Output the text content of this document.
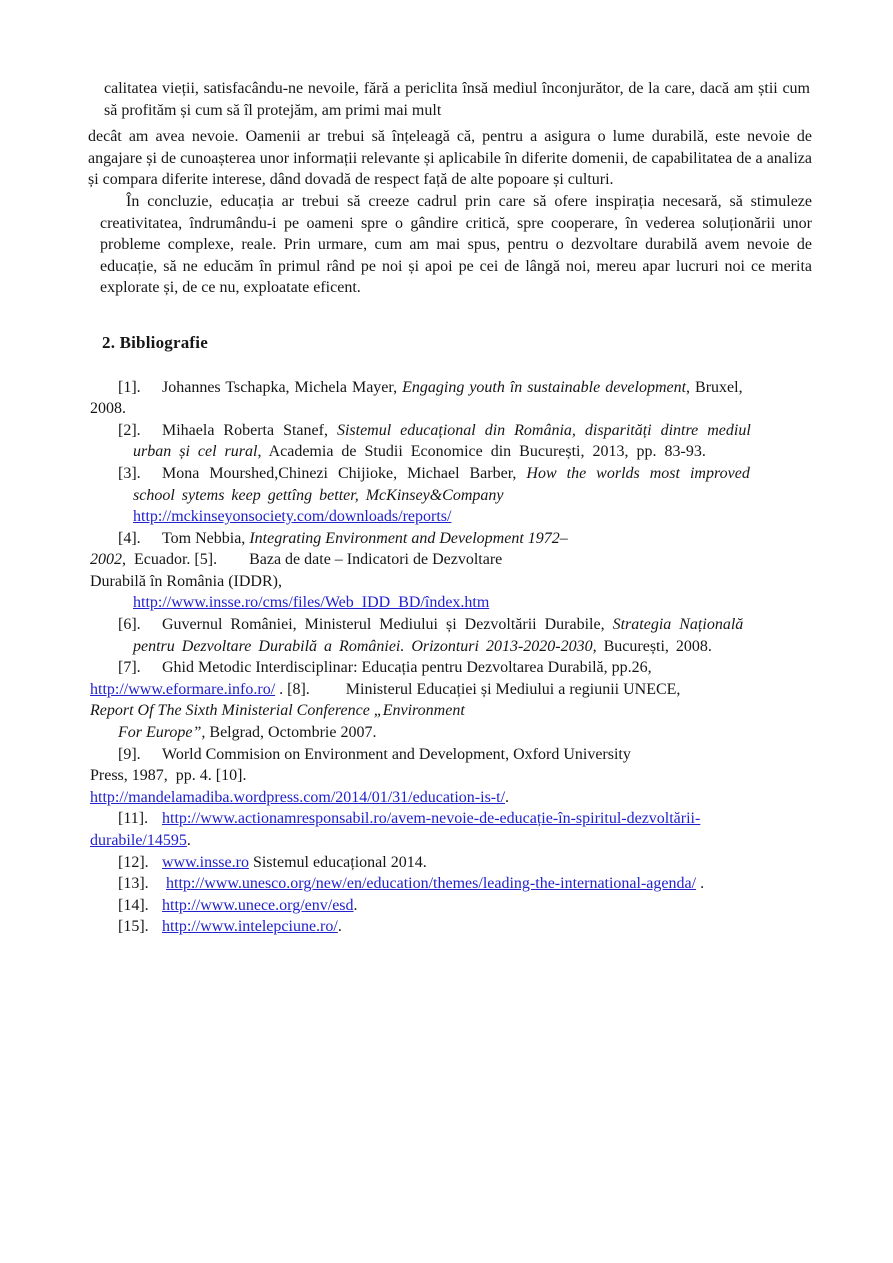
calitatea vieții, satisfacându-ne nevoile, fără a periclita însă mediul înconjurător, de la care, dacă am știi cum să profităm și cum să îl protejăm, am primi mai mult

decât am avea nevoie. Oamenii ar trebui să înțeleagă că, pentru a asigura o lume durabilă, este nevoie de angajare și de cunoașterea unor informații relevante și aplicabile în diferite domenii, de capabilitatea de a analiza și compara diferite interese, dând dovadă de respect față de alte popoare și culturi.

În concluzie, educația ar trebui să creeze cadrul prin care să ofere inspirația necesară, să stimuleze creativitatea, îndrumându-i pe oameni spre o gândire critică, spre cooperare, în vederea soluționării unor probleme complexe, reale. Prin urmare, cum am mai spus, pentru o dezvoltare durabilă avem nevoie de educație, să ne educăm în primul rând pe noi și apoi pe cei de lângă noi, mereu apar lucruri noi ce merita explorate și, de ce nu, exploatate eficent.

2. Bibliografie
[1]. Johannes Tschapka, Michela Mayer, Engaging youth în sustainable development, Bruxel,
2008.
[2]. Mihaela Roberta Stanef, Sistemul educațional din România, disparități dintre mediul
urban și cel rural, Academia de Studii Economice din București, 2013, pp. 83-93.
[3]. Mona Mourshed,Chinezi Chijioke, Michael Barber, How the worlds most improved
school sytems keep gettîng better, McKinsey&Company
http://mckinseyonsociety.com/downloads/reports/
[4]. Tom Nebbia, Integrating Environment and Development 1972–
2002,  Ecuador. [5].        Baza de date – Indicatori de Dezvoltare
Durabilă în România (IDDR),
http://www.insse.ro/cms/files/Web_IDD_BD/îndex.htm
[6]. Guvernul României, Ministerul Mediului și Dezvoltării Durabile, Strategia Națională
pentru Dezvoltare Durabilă a României. Orizonturi 2013-2020-2030, București, 2008.
[7]. Ghid Metodic Interdisciplinar: Educația pentru Dezvoltarea Durabilă, pp.26,
http://www.eformare.info.ro/ . [8].         Ministerul Educației și Mediului a regiunii UNECE,
Report Of The Sixth Ministerial Conference „Environment
For Europe”, Belgrad, Octombrie 2007.
[9]. World Commision on Environment and Development, Oxford University
Press, 1987,  pp. 4. [10].
http://mandelamadiba.wordpress.com/2014/01/31/education-is-t/.
[11]. http://www.actionamresponsabil.ro/avem-nevoie-de-educație-în-spiritul-dezvoltării-
durabile/14595.
[12]. www.insse.ro Sistemul educațional 2014.
[13]. http://www.unesco.org/new/en/education/themes/leading-the-international-agenda/ .
[14]. http://www.unece.org/env/esd.
[15]. http://www.intelepciune.ro/.
